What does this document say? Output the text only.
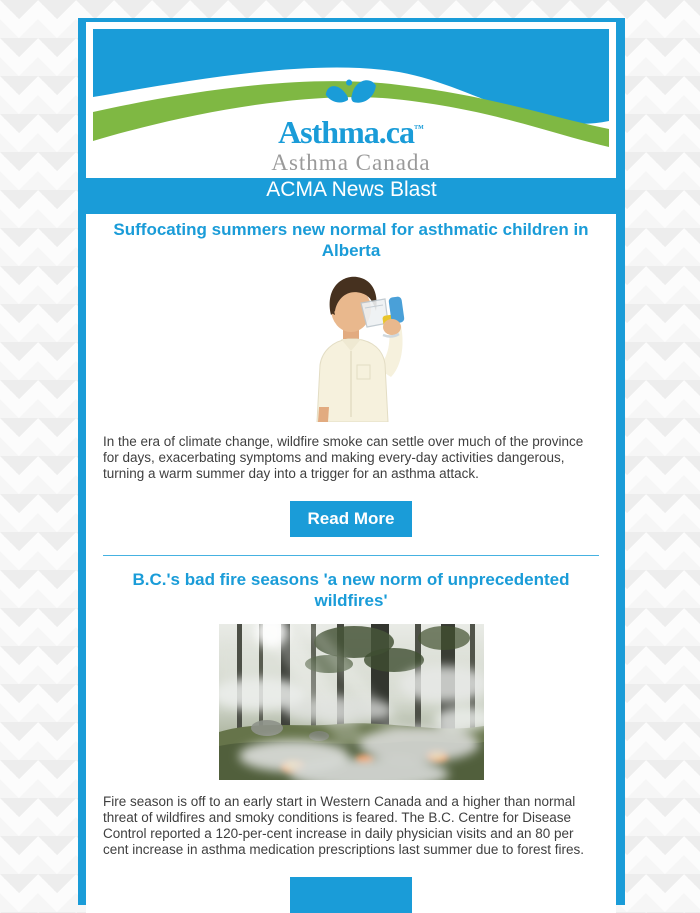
Asthma.ca™
Asthma Canada
ACMA News Blast
Suffocating summers new normal for asthmatic children in Alberta

In the era of climate change, wildfire smoke can settle over much of the province for days, exacerbating symptoms and making every-day activities dangerous, turning a warm summer day into a trigger for an asthma attack.

Read More
B.C.'s bad fire seasons 'a new norm of unprecedented wildfires'

Fire season is off to an early start in Western Canada and a higher than normal threat of wildfires and smoky conditions is feared. The B.C. Centre for Disease Control reported a 120-per-cent increase in daily physician visits and an 80 per cent increase in asthma medication prescriptions last summer due to forest fires.
